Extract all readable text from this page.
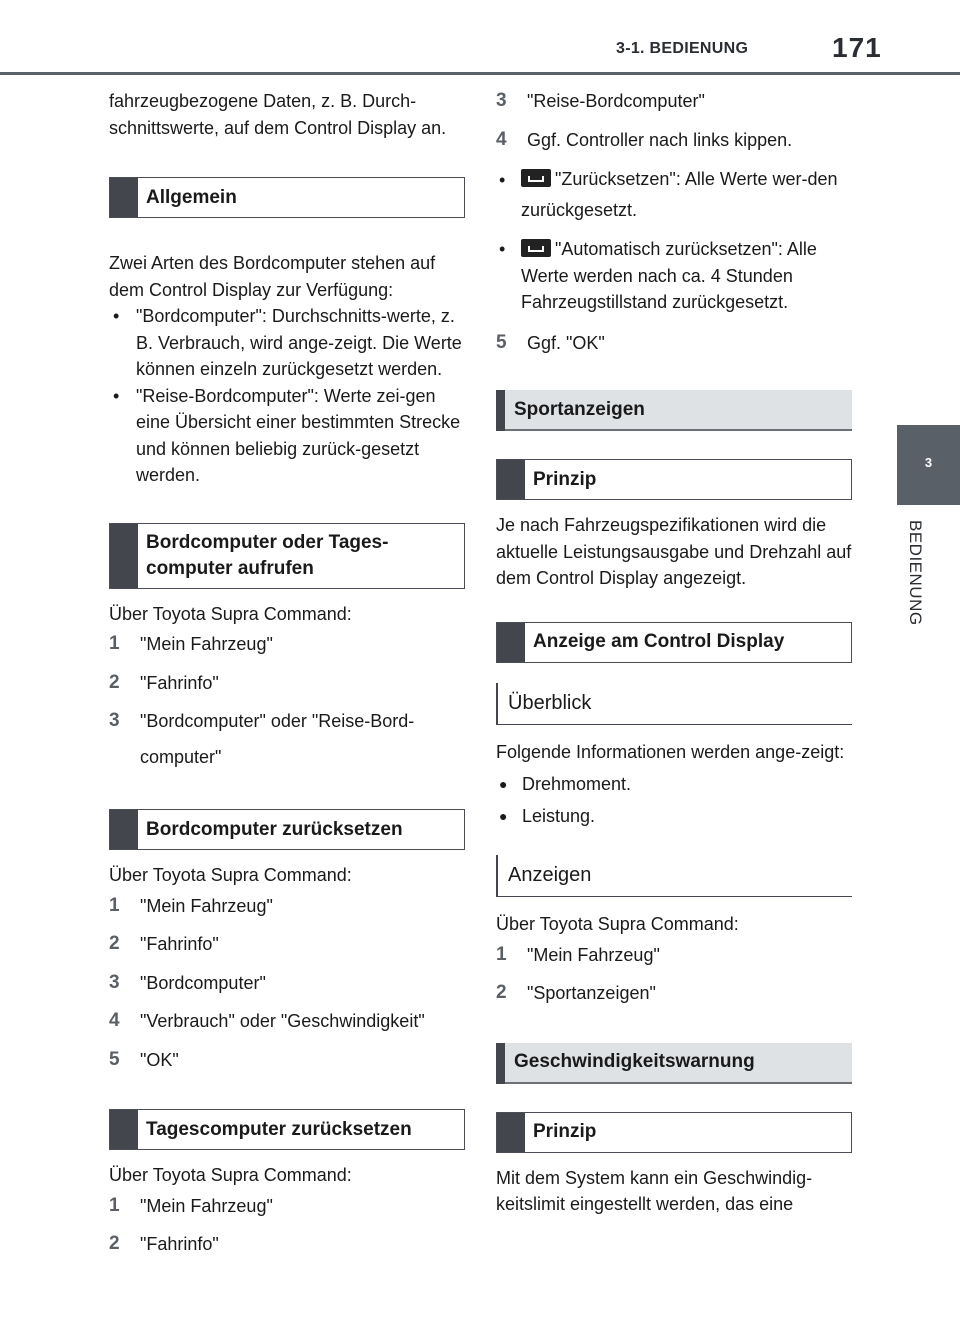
3-1. BEDIENUNG	171
3
BEDIENUNG

fahrzeugbezogene Daten, z. B. Durch-schnittswerte, auf dem Control Display an.

Allgemein

Zwei Arten des Bordcomputer stehen auf dem Control Display zur Verfügung:

• "Bordcomputer": Durchschnitts-werte, z. B. Verbrauch, wird ange-zeigt. Die Werte können einzeln zurückgesetzt werden.
• "Reise-Bordcomputer": Werte zei-gen eine Übersicht einer bestimmten Strecke und können beliebig zurück-gesetzt werden.
Bordcomputer oder Tages-computer aufrufen

Über Toyota Supra Command:

1	"Mein Fahrzeug"
2	"Fahrinfo"
3	"Bordcomputer" oder "Reise-Bord-computer"
Bordcomputer zurücksetzen

Über Toyota Supra Command:

1	"Mein Fahrzeug"
2	"Fahrinfo"
3	"Bordcomputer"
4	"Verbrauch" oder "Geschwindigkeit"
5	"OK"
Tagescomputer zurücksetzen

Über Toyota Supra Command:

1	"Mein Fahrzeug"
2	"Fahrinfo"
3	"Reise-Bordcomputer"
4	Ggf. Controller nach links kippen.
•	"Zurücksetzen": Alle Werte wer-den zurückgesetzt.
•	"Automatisch zurücksetzen": Alle Werte werden nach ca. 4 Stunden Fahrzeugstillstand zurückgesetzt.
5	Ggf. "OK"
Sportanzeigen
Prinzip

Je nach Fahrzeugspezifikationen wird die aktuelle Leistungsausgabe und Drehzahl auf dem Control Display angezeigt.

Anzeige am Control Display
Überblick

Folgende Informationen werden ange-zeigt:

● Drehmoment.
● Leistung.
Anzeigen

Über Toyota Supra Command:

1	"Mein Fahrzeug"
2	"Sportanzeigen"
Geschwindigkeitswarnung
Prinzip

Mit dem System kann ein Geschwindig-keitslimit eingestellt werden, das eine
